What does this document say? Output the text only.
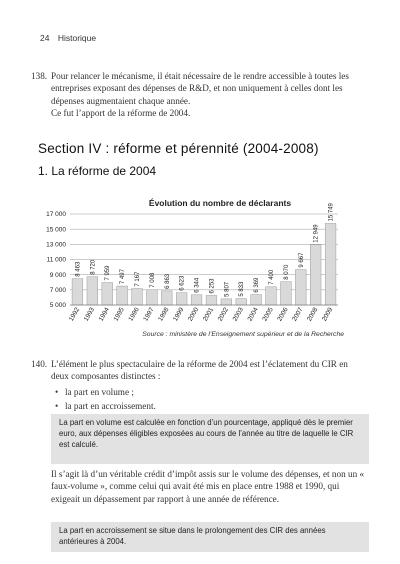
24 Historique
138. Pour relancer le mécanisme, il était nécessaire de le rendre accessible à toutes les entreprises exposant des dépenses de R&D, et non uniquement à celles dont les dépenses augmentaient chaque année.
Ce fut l’apport de la réforme de 2004.
Section IV : réforme et pérennité (2004-2008)
1. La réforme de 2004
Évolution du nombre de déclarants
17 000
15 000
13 000
11 000
9 000
7 000
5 000
8 463 8 720 7 959 7 497 7 167 7 008 6 863 6 623 6 344 6 253 5 807 5 833 6 369
7 400 8 070
9 667
12 949
15 749
1992 1993 1994 1995 1996 1997 1998 1999 2000 2001 2002 2003 2004 2005 2006 2007 2008 2009
Source : ministère de l’Enseignement supérieur et de la Recherche
140. L’élément le plus spectaculaire de la réforme de 2004 est l’éclatement du CIR en deux composantes distinctes :
• la part en volume ;
• la part en accroissement.
La part en volume est calculée en fonction d’un pourcentage, appliqué dès le premier euro, aux dépenses éligibles exposées au cours de l’année au titre de laquelle le CIR est calculé.
Il s’agit là d’un véritable crédit d’impôt assis sur le volume des dépenses, et non un « faux-volume », comme celui qui avait été mis en place entre 1988 et 1990, qui exigeait un dépassement par rapport à une année de référence.
La part en accroissement se situe dans le prolongement des CIR des années antérieures à 2004.
